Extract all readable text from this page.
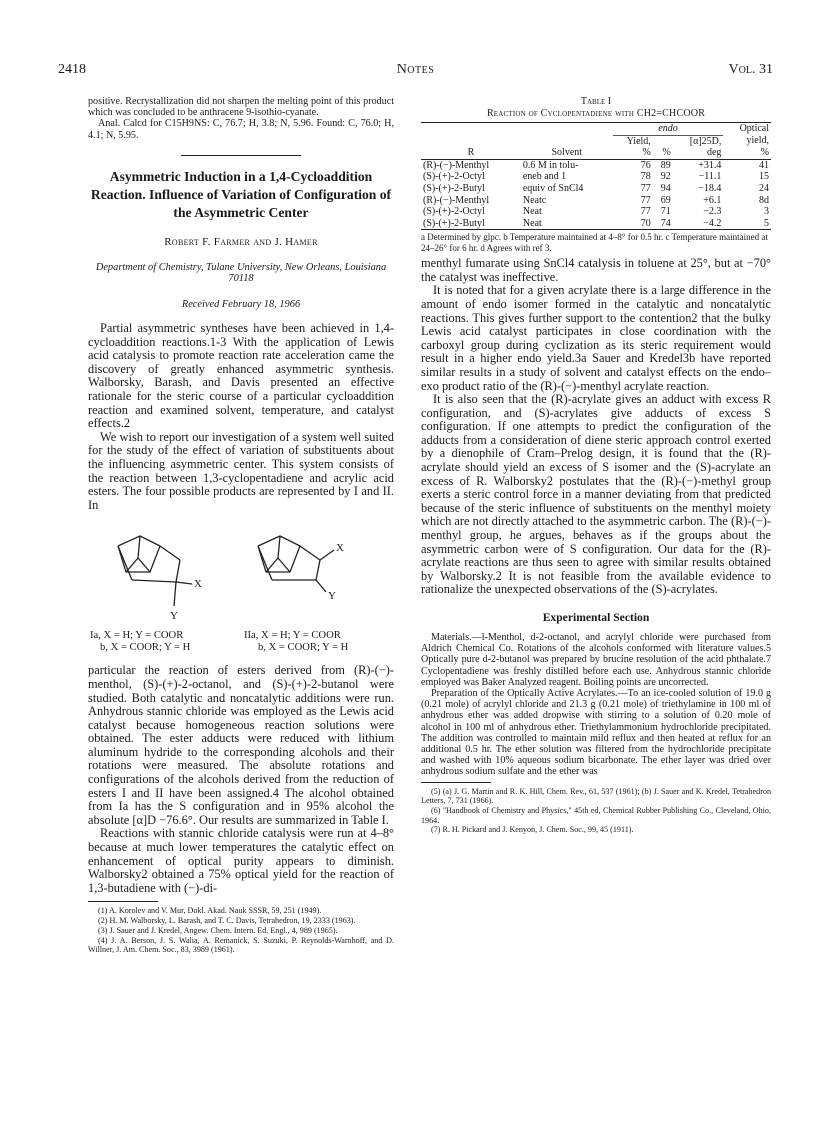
2418	Notes	Vol. 31

positive. Recrystallization did not sharpen the melting point of this product which was concluded to be anthracene 9-isothio-cyanate.

Anal. Calcd for C15H9NS: C, 76.7; H, 3.8; N, 5.96. Found: C, 76.0; H, 4.1; N, 5.95.

Asymmetric Induction in a 1,4-Cycloaddition Reaction. Influence of Variation of Configuration of the Asymmetric Center
Robert F. Farmer and J. Hamer
Department of Chemistry, Tulane University, New Orleans, Louisiana 70118
Received February 18, 1966

Partial asymmetric syntheses have been achieved in 1,4-cycloaddition reactions.1-3 With the application of Lewis acid catalysis to promote reaction rate acceleration came the discovery of greatly enhanced asymmetric synthesis. Walborsky, Barash, and Davis presented an effective rationale for the steric course of a particular cycloaddition reaction and examined solvent, temperature, and catalyst effects.2

We wish to report our investigation of a system well suited for the study of the effect of variation of substituents about the influencing asymmetric center. This system consists of the reaction between 1,3-cyclopentadiene and acrylic acid esters. The four possible products are represented by I and II. In

X
Y
X
Y
Ia, X = H; Y = COOR
b, X = COOR; Y = H
IIa, X = H; Y = COOR
b, X = COOR; Y = H

particular the reaction of esters derived from (R)-(−)-menthol, (S)-(+)-2-octanol, and (S)-(+)-2-butanol were studied. Both catalytic and noncatalytic additions were run. Anhydrous stannic chloride was employed as the Lewis acid catalyst because homogeneous reaction solutions were obtained. The ester adducts were reduced with lithium aluminum hydride to the corresponding alcohols and their rotations were measured. The absolute rotations and configurations of the alcohols derived from the reduction of esters I and II have been assigned.4 The alcohol obtained from Ia has the S configuration and in 95% alcohol the absolute [α]D −76.6°. Our results are summarized in Table I.

Reactions with stannic chloride catalysis were run at 4–8° because at much lower temperatures the catalytic effect on enhancement of optical purity appears to diminish. Walborsky2 obtained a 75% optical yield for the reaction of 1,3-butadiene with (−)-di-

(1) A. Korolev and V. Mur, Dokl. Akad. Nauk SSSR, 59, 251 (1949).
(2) H. M. Walborsky, L. Barash, and T. C. Davis, Tetrahedron, 19, 2333 (1963).
(3) J. Sauer and J. Kredel, Angew. Chem. Intern. Ed. Engl., 4, 989 (1965).
(4) J. A. Berson, J. S. Walia, A. Remanick, S. Suzuki, P. Reynolds-Warnhoff, and D. Willner, J. Am. Chem. Soc., 83, 3989 (1961).
Table I
Reaction of Cyclopentadiene with CH2=CHCOOR
		endo			Optical
		Yield,		[α]25D,	yield,
R	Solvent	%	%	deg	%
(R)-(−)-Menthyl	0.6 M in tolu-	76	89	+31.4	41
(S)-(+)-2-Octyl	eneb and 1	78	92	−11.1	15
(S)-(+)-2-Butyl	equiv of SnCl4	77	94	−18.4	24
(R)-(−)-Menthyl	Neatc	77	69	+6.1	8d
(S)-(+)-2-Octyl	Neat	77	71	−2.3	3
(S)-(+)-2-Butyl	Neat	70	74	−4.2	5
a Determined by glpc. b Temperature maintained at 4–8° for 0.5 hr. c Temperature maintained at 24–26° for 6 hr. d Agrees with ref 3.

menthyl fumarate using SnCl4 catalysis in toluene at 25°, but at −70° the catalyst was ineffective.

It is noted that for a given acrylate there is a large difference in the amount of endo isomer formed in the catalytic and noncatalytic reactions. This gives further support to the contention2 that the bulky Lewis acid catalyst participates in close coordination with the carboxyl group during cyclization as its steric requirement would result in a higher endo yield.3a Sauer and Kredel3b have reported similar results in a study of solvent and catalyst effects on the endo–exo product ratio of the (R)-(−)-menthyl acrylate reaction.

It is also seen that the (R)-acrylate gives an adduct with excess R configuration, and (S)-acrylates give adducts of excess S configuration. If one attempts to predict the configuration of the adducts from a consideration of diene steric approach control exerted by a dienophile of Cram–Prelog design, it is found that the (R)-acrylate should yield an excess of S isomer and the (S)-acrylate an excess of R. Walborsky2 postulates that the (R)-(−)-methyl group exerts a steric control force in a manner deviating from that predicted because of the steric influence of substituents on the menthyl moiety which are not directly attached to the asymmetric carbon. The (R)-(−)-menthyl group, he argues, behaves as if the groups about the asymmetric carbon were of S configuration. Our data for the (R)-acrylate reactions are thus seen to agree with similar results obtained by Walborsky.2 It is not feasible from the available evidence to rationalize the unexpected observations of the (S)-acrylates.

Experimental Section

Materials.—l-Menthol, d-2-octanol, and acrylyl chloride were purchased from Aldrich Chemical Co. Rotations of the alcohols conformed with literature values.5 Optically pure d-2-butanol was prepared by brucine resolution of the acid phthalate.7 Cyclopentadiene was freshly distilled before each use. Anhydrous stannic chloride employed was Baker Analyzed reagent. Boiling points are uncorrected.

Preparation of the Optically Active Acrylates.—To an ice-cooled solution of 19.0 g (0.21 mole) of acrylyl chloride and 21.3 g (0.21 mole) of triethylamine in 100 ml of anhydrous ether was added dropwise with stirring to a solution of 0.20 mole of alcohol in 100 ml of anhydrous ether. Triethylammonium hydrochloride precipitated. The addition was controlled to maintain mild reflux and then heated at reflux for an additional 0.5 hr. The ether solution was filtered from the hydrochloride precipitate and washed with 10% aqueous sodium bicarbonate. The ether layer was dried over anhydrous sodium sulfate and the ether was

(5) (a) J. G. Martin and R. K. Hill, Chem. Rev., 61, 537 (1961); (b) J. Sauer and K. Kredel, Tetrahedron Letters, 7, 731 (1966).
(6) "Handbook of Chemistry and Physics," 45th ed, Chemical Rubber Publishing Co., Cleveland, Ohio, 1964.
(7) R. H. Pickard and J. Kenyon, J. Chem. Soc., 99, 45 (1911).
